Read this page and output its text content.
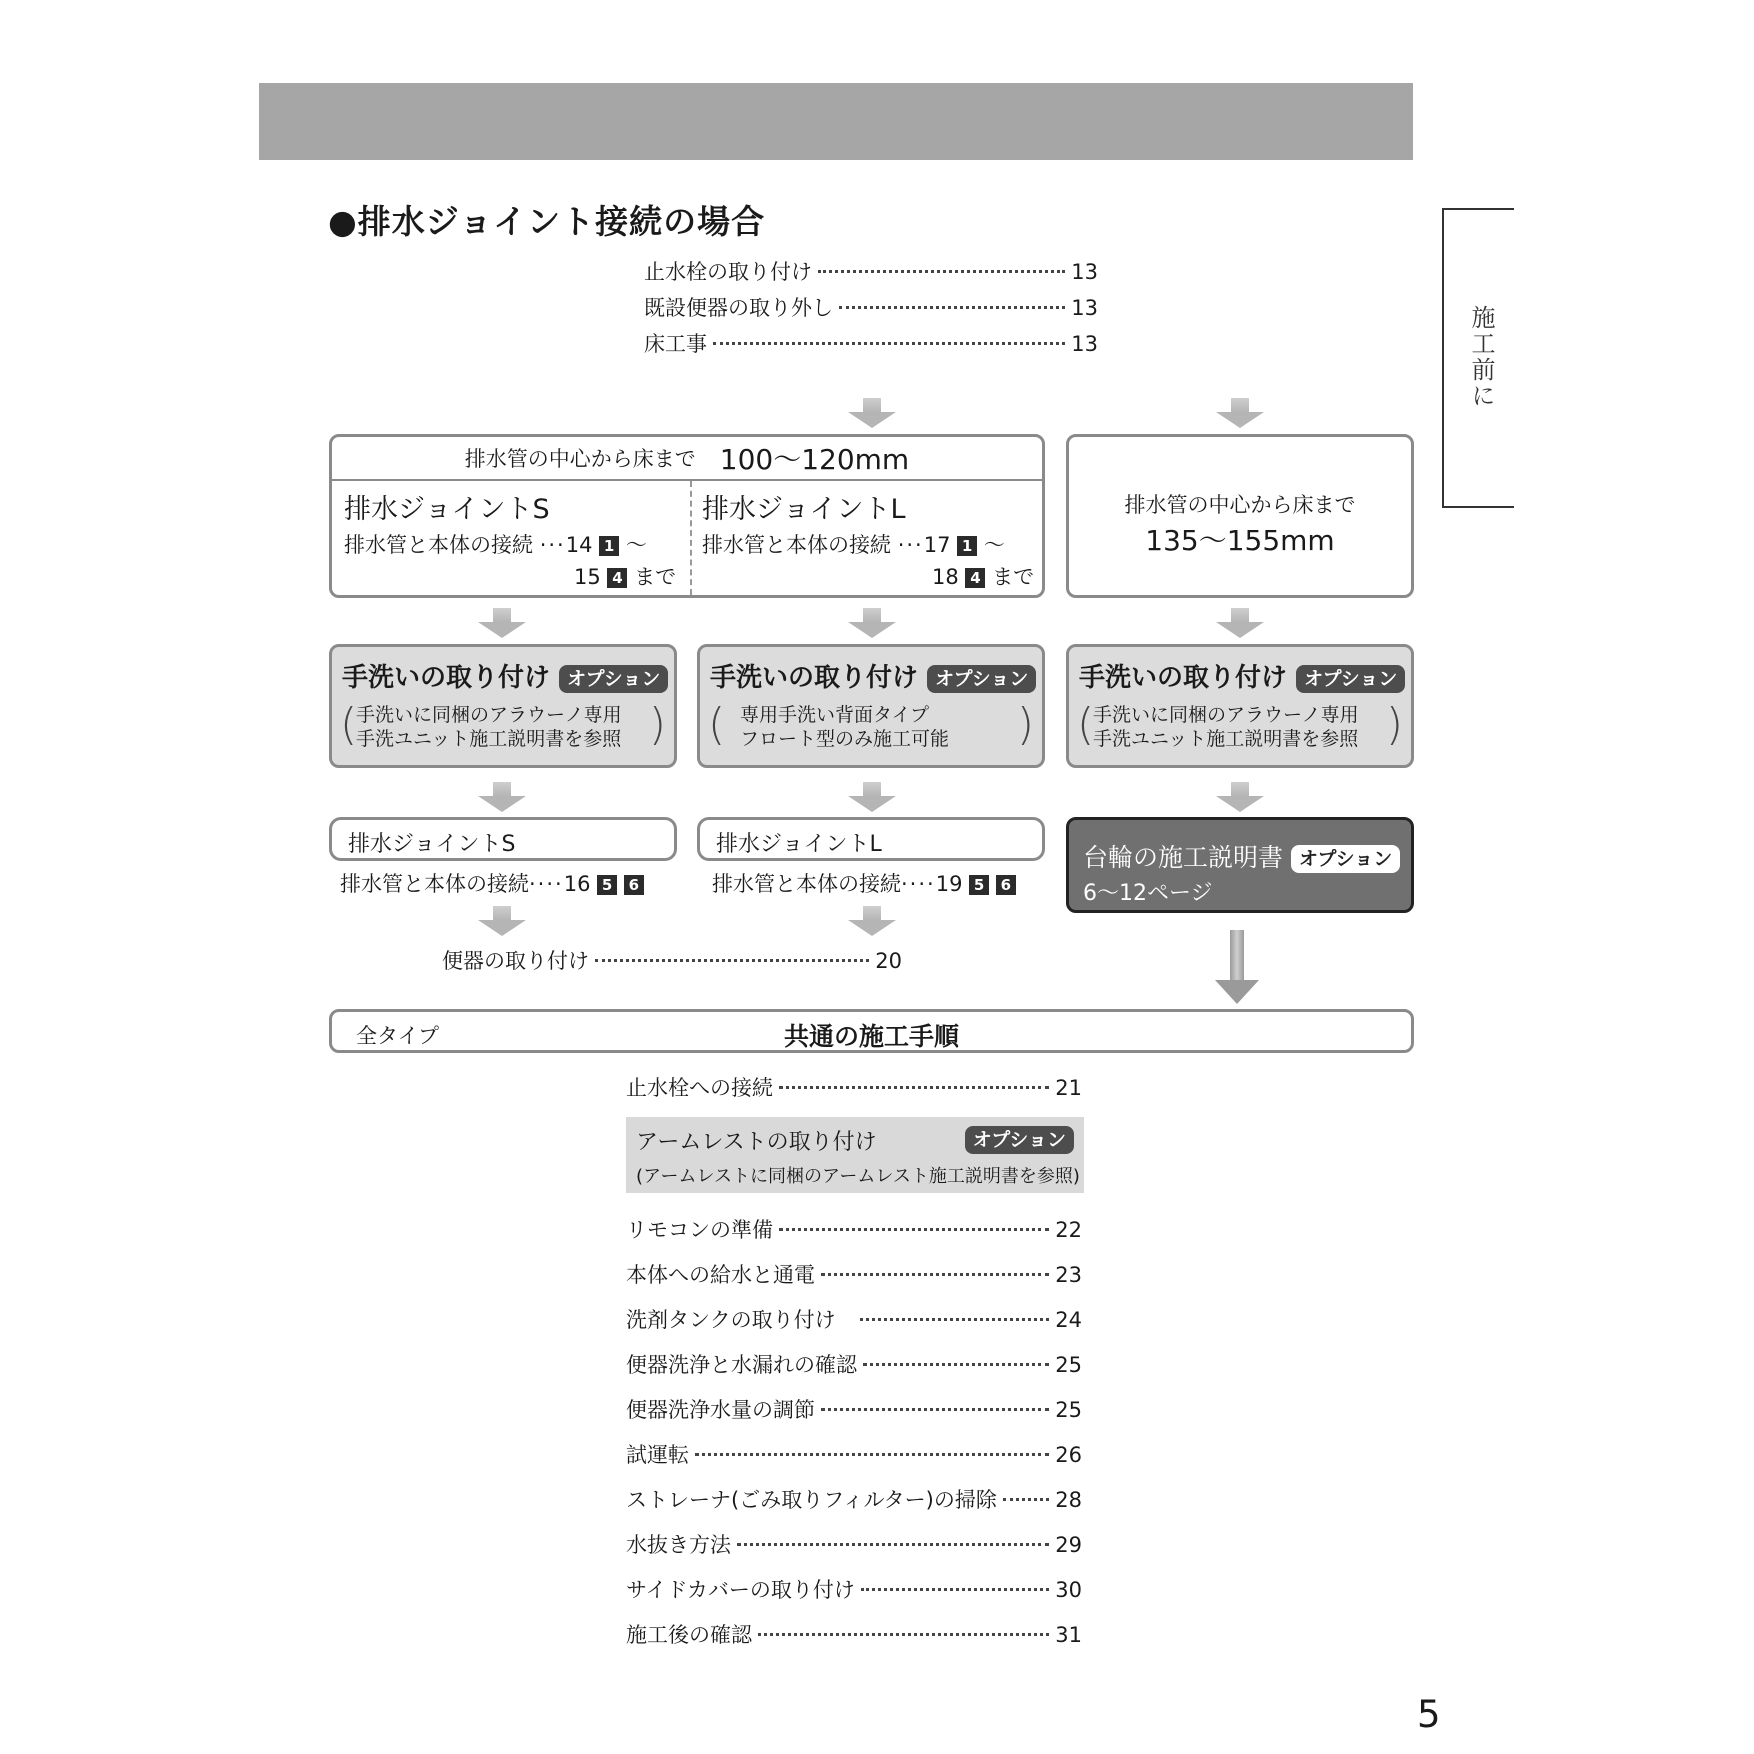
●排水ジョイント接続の場合
施工前に
止水栓の取り付け	13
既設便器の取り外し	13
床工事	13
排水管の中心から床まで 100〜120mm
排水ジョイントS
排水管と本体の接続 ···14 1 〜
15 4 まで
排水ジョイントL
排水管と本体の接続 ···17 1 〜
18 4 まで
排水管の中心から床まで
135〜155mm
手洗いの取り付け オプション
( 手洗いに同梱のアラウーノ専用
手洗ユニット施工説明書を参照
)
手洗いの取り付け オプション
( 専用手洗い背面タイプ
フロート型のみ施工可能
)
手洗いの取り付け オプション
( 手洗いに同梱のアラウーノ専用
手洗ユニット施工説明書を参照
)
排水ジョイントS
排水管と本体の接続····16 5 6
排水ジョイントL
排水管と本体の接続····19 5 6
台輪の施工説明書 オプション
6〜12ページ
便器の取り付け	20
全タイプ	共通の施工手順
止水栓への接続	21
アームレストの取り付け	オプション
(アームレストに同梱のアームレスト施工説明書を参照)
リモコンの準備	22
本体への給水と通電	23
洗剤タンクの取り付け	24
便器洗浄と水漏れの確認	25
便器洗浄水量の調節	25
試運転	26
ストレーナ(ごみ取りフィルター)の掃除	28
水抜き方法	29
サイドカバーの取り付け	30
施工後の確認	31
5
